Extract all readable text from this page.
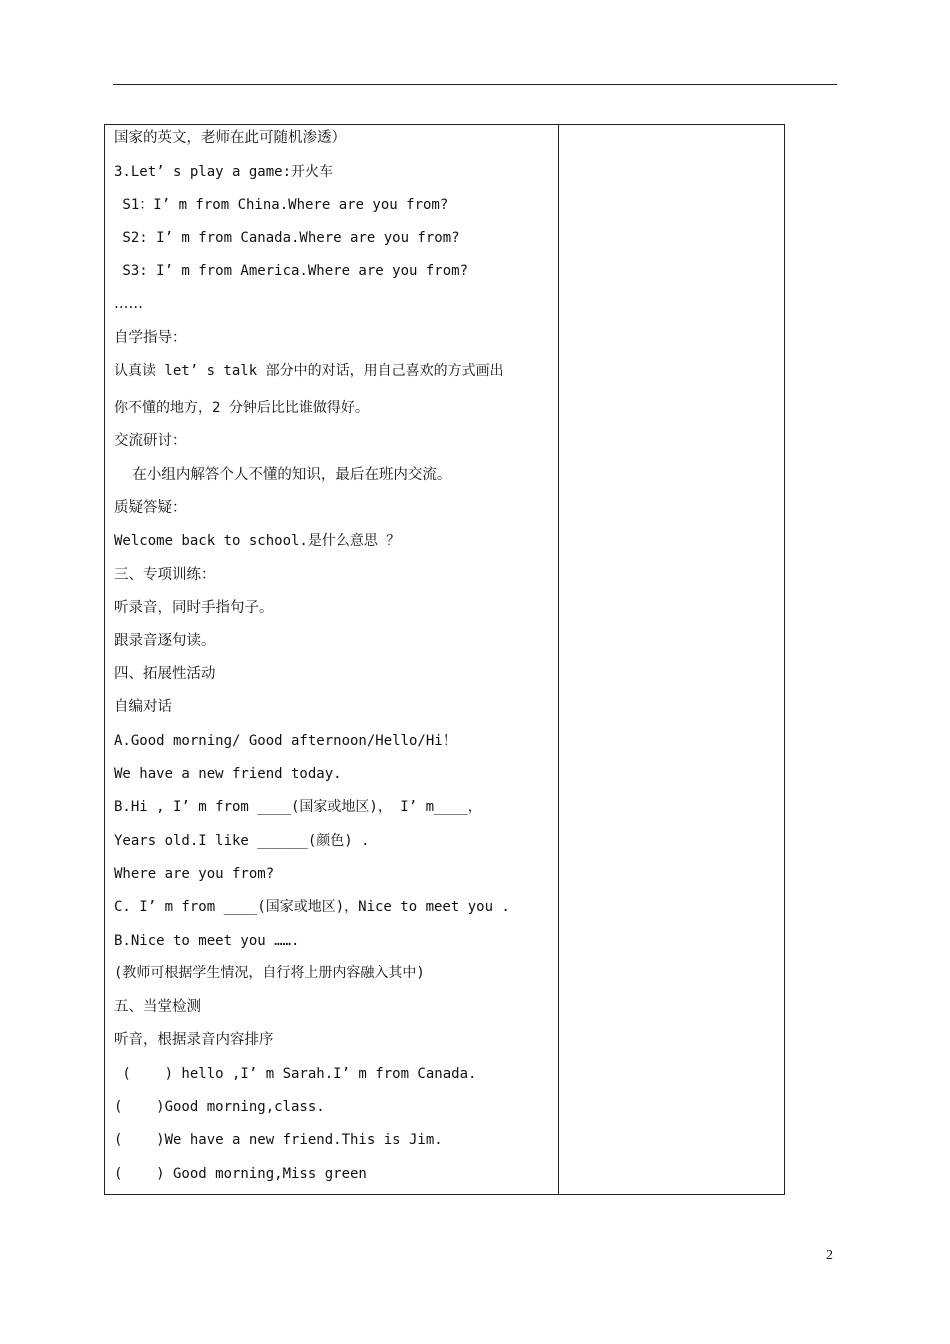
国家的英文，老师在此可随机渗透）
3.Let’ s play a game:开火车
S1：I’ m from China.Where are you from?
S2: I’ m from Canada.Where are you from?
S3: I’ m from America.Where are you from?
……
自学指导：
认真读 let’ s talk 部分中的对话，用自己喜欢的方式画出
你不懂的地方，2 分钟后比比谁做得好。
交流研讨：
在小组内解答个人不懂的知识，最后在班内交流。
质疑答疑：
Welcome back to school.是什么意思 ？
三、专项训练：
听录音，同时手指句子。
跟录音逐句读。
四、拓展性活动
自编对话
A.Good morning/ Good afternoon/Hello/Hi！
We have a new friend today.
B.Hi , I’ m from ____(国家或地区)， I’ m____，
Years old.I like ______(颜色) .
Where are you from?
C. I’ m from ____(国家或地区)，Nice to meet you .
B.Nice to meet you …….
(教师可根据学生情况，自行将上册内容融入其中)
五、当堂检测
听音，根据录音内容排序
(    ) hello ,I’ m Sarah.I’ m from Canada.
(    )Good morning,class.
(    )We have a new friend.This is Jim.
(    ) Good morning,Miss green
2
